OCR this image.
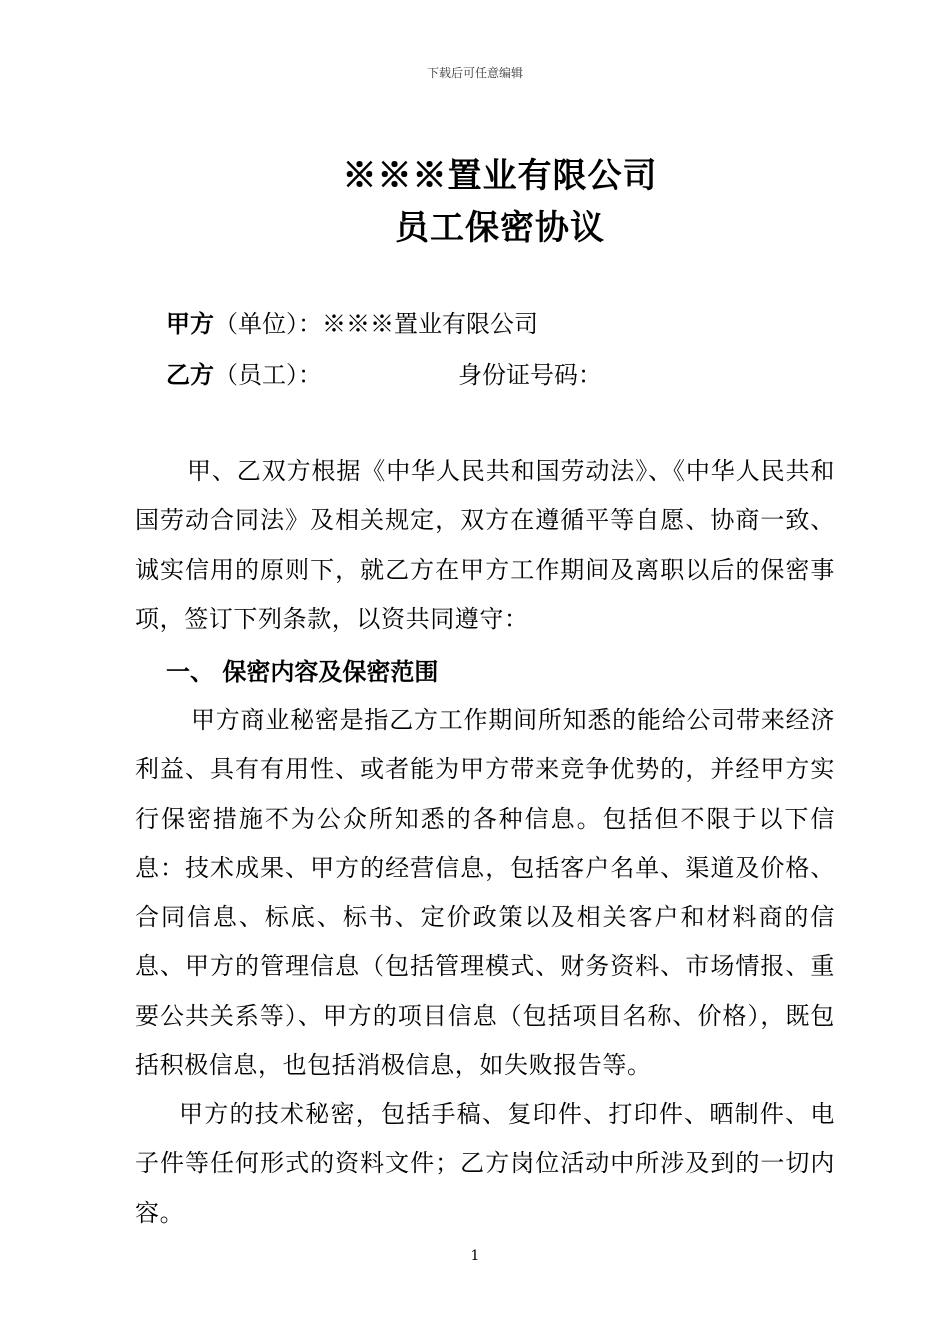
下载后可任意编辑
※※※置业有限公司
员工保密协议
甲方（单位）：※※※置业有限公司
乙方（员工）：	身份证号码：
甲、乙双方根据《中华人民共和国劳动法》、《中华人民共和国劳动合同法》及相关规定，双方在遵循平等自愿、协商一致、诚实信用的原则下，就乙方在甲方工作期间及离职以后的保密事项，签订下列条款，以资共同遵守：
一、 保密内容及保密范围
甲方商业秘密是指乙方工作期间所知悉的能给公司带来经济利益、具有有用性、或者能为甲方带来竞争优势的，并经甲方实行保密措施不为公众所知悉的各种信息。包括但不限于以下信息：技术成果、甲方的经营信息，包括客户名单、渠道及价格、合同信息、标底、标书、定价政策以及相关客户和材料商的信息、甲方的管理信息（包括管理模式、财务资料、市场情报、重要公共关系等）、甲方的项目信息（包括项目名称、价格），既包括积极信息，也包括消极信息，如失败报告等。
甲方的技术秘密，包括手稿、复印件、打印件、晒制件、电子件等任何形式的资料文件；乙方岗位活动中所涉及到的一切内容。
1
